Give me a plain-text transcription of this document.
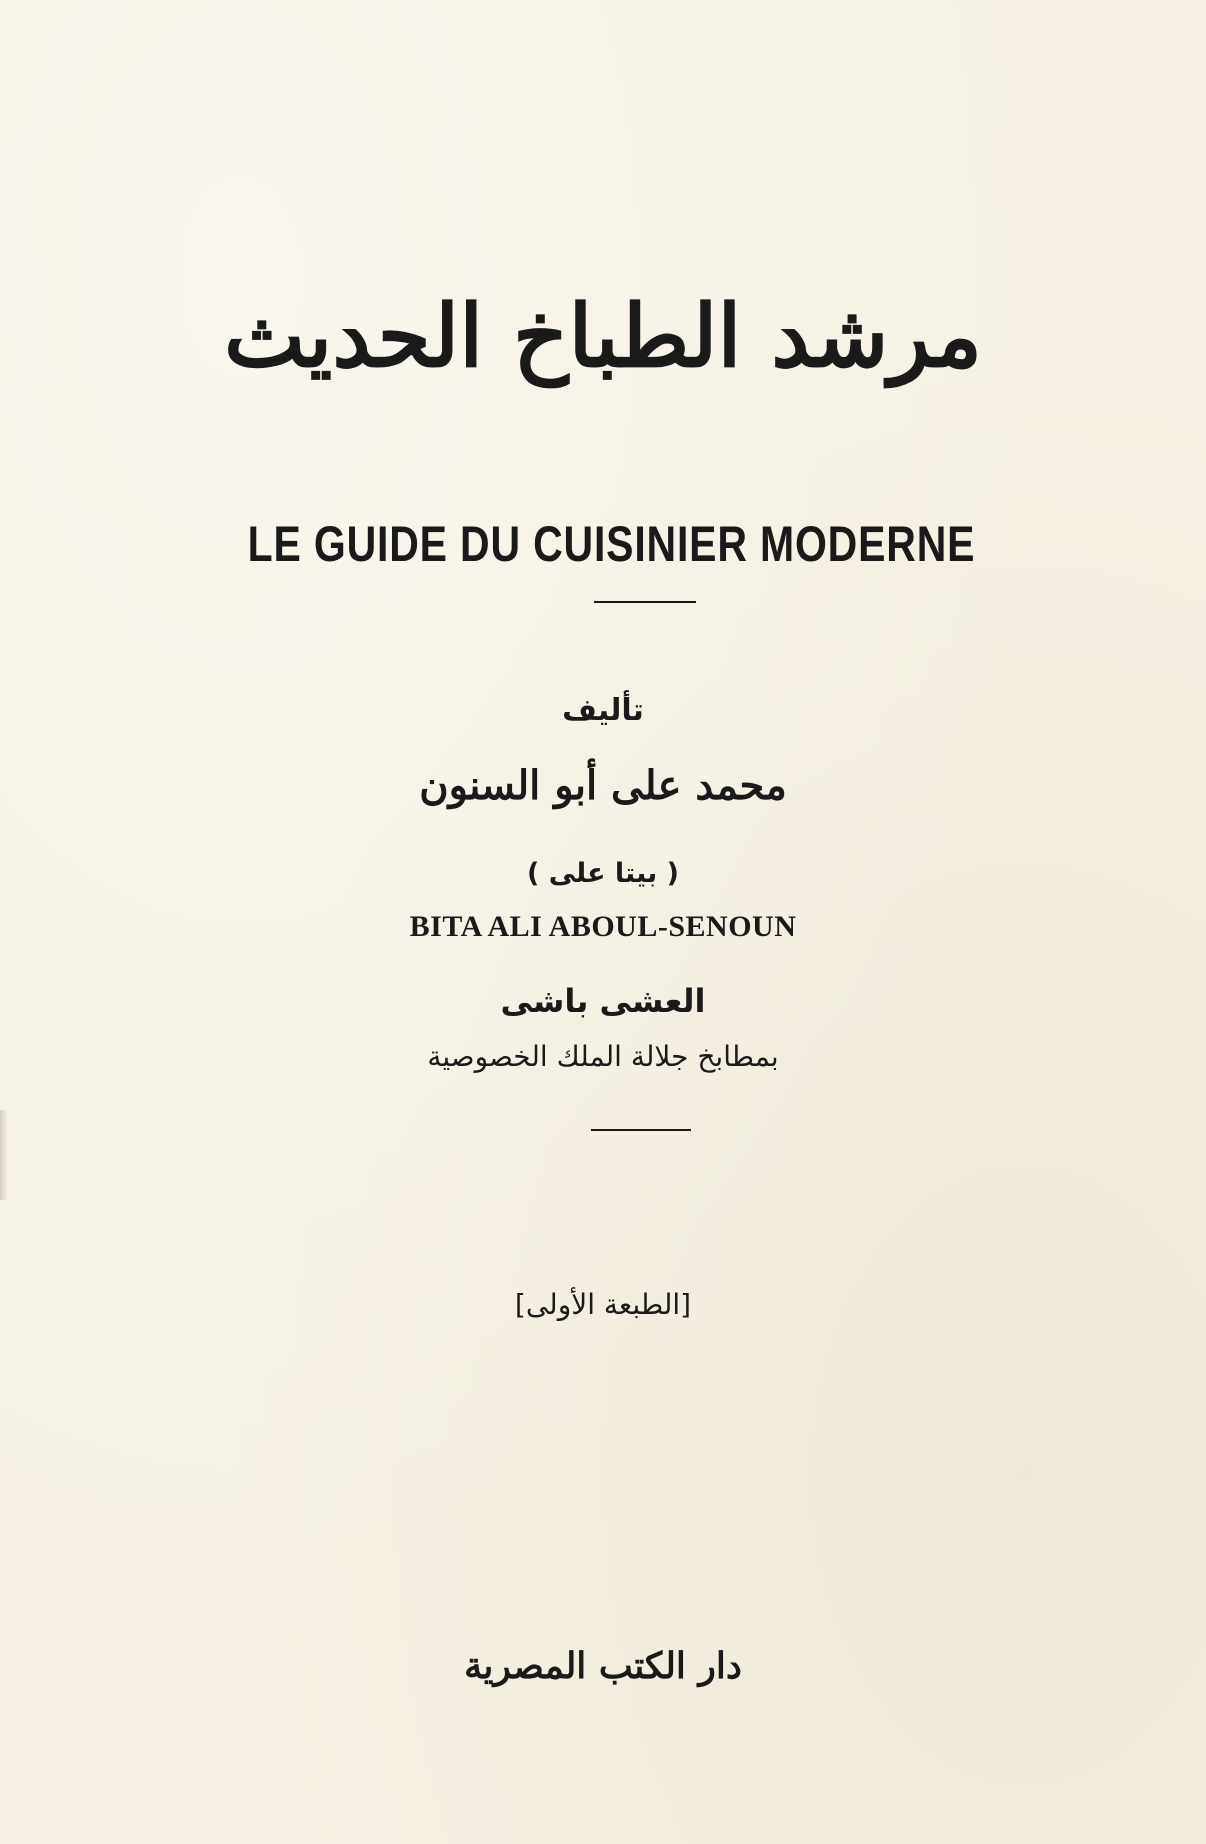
مرشد الطباخ الحديث
LE GUIDE DU CUISINIER MODERNE
تأليف
محمد على أبو السنون
( بيتا على )
BITA ALI ABOUL-SENOUN
العشى باشى
بمطابخ جلالة الملك الخصوصية
[الطبعة الأولى]
دار الكتب المصرية
